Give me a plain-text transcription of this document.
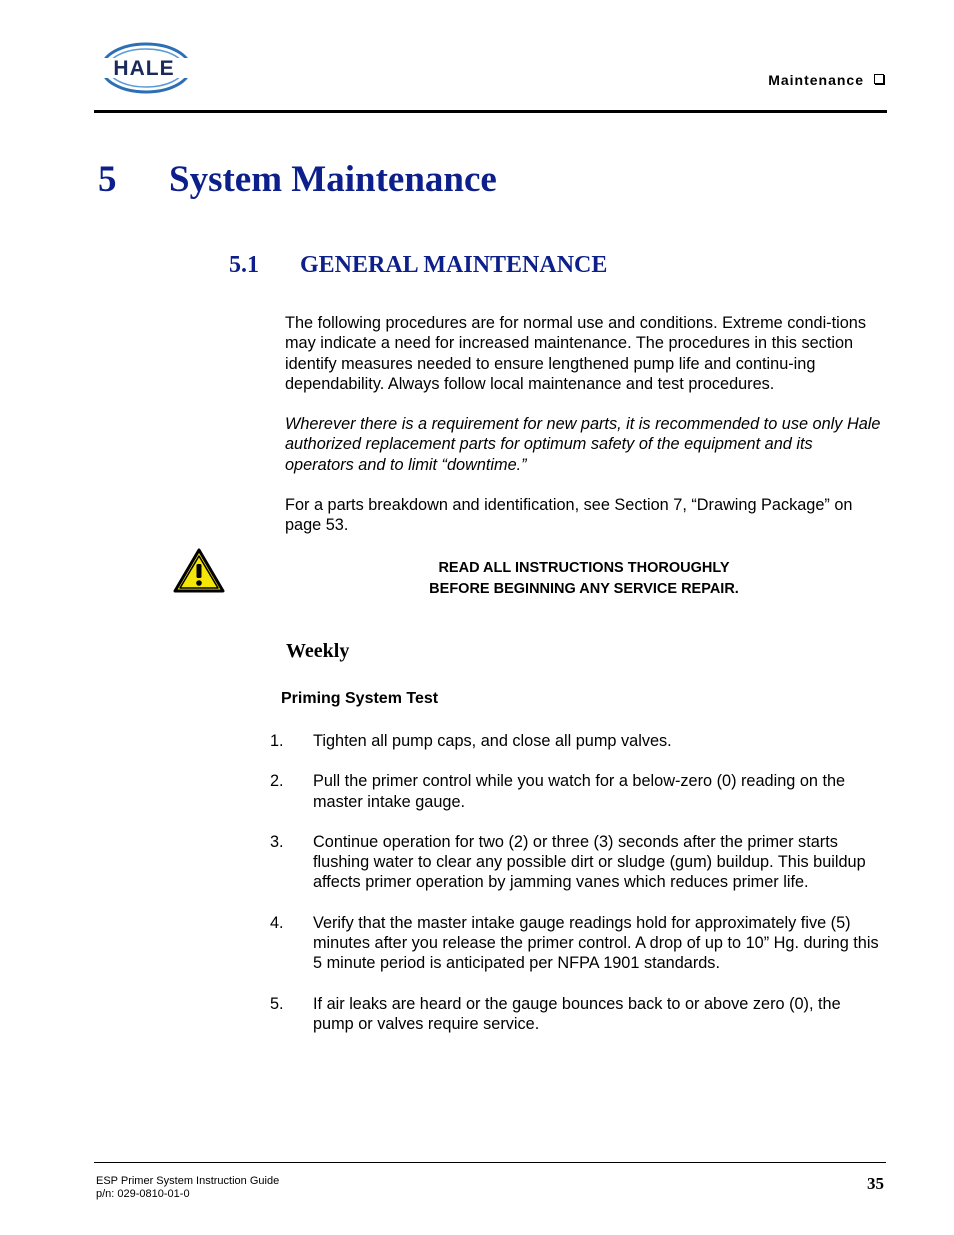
HALE	Maintenance
5 System Maintenance
5.1 GENERAL MAINTENANCE

The following procedures are for normal use and conditions. Extreme condi-tions may indicate a need for increased maintenance. The procedures in this section identify measures needed to ensure lengthened pump life and continu-ing dependability. Always follow local maintenance and test procedures.

Wherever there is a requirement for new parts, it is recommended to use only Hale authorized replacement parts for optimum safety of the equipment and its operators and to limit “downtime.”

For a parts breakdown and identification, see Section 7, “Drawing Package” on page 53.

READ ALL INSTRUCTIONS THOROUGHLY
BEFORE BEGINNING ANY SERVICE REPAIR.
Weekly
Priming System Test
1. Tighten all pump caps, and close all pump valves.
2. Pull the primer control while you watch for a below-zero (0) reading on the master intake gauge.
3. Continue operation for two (2) or three (3) seconds after the primer starts flushing water to clear any possible dirt or sludge (gum) buildup. This buildup affects primer operation by jamming vanes which reduces primer life.
4. Verify that the master intake gauge readings hold for approximately five (5) minutes after you release the primer control. A drop of up to 10” Hg. during this 5 minute period is anticipated per NFPA 1901 standards.
5. If air leaks are heard or the gauge bounces back to or above zero (0), the pump or valves require service.
ESP Primer System Instruction Guide
p/n: 029-0810-01-0
35
